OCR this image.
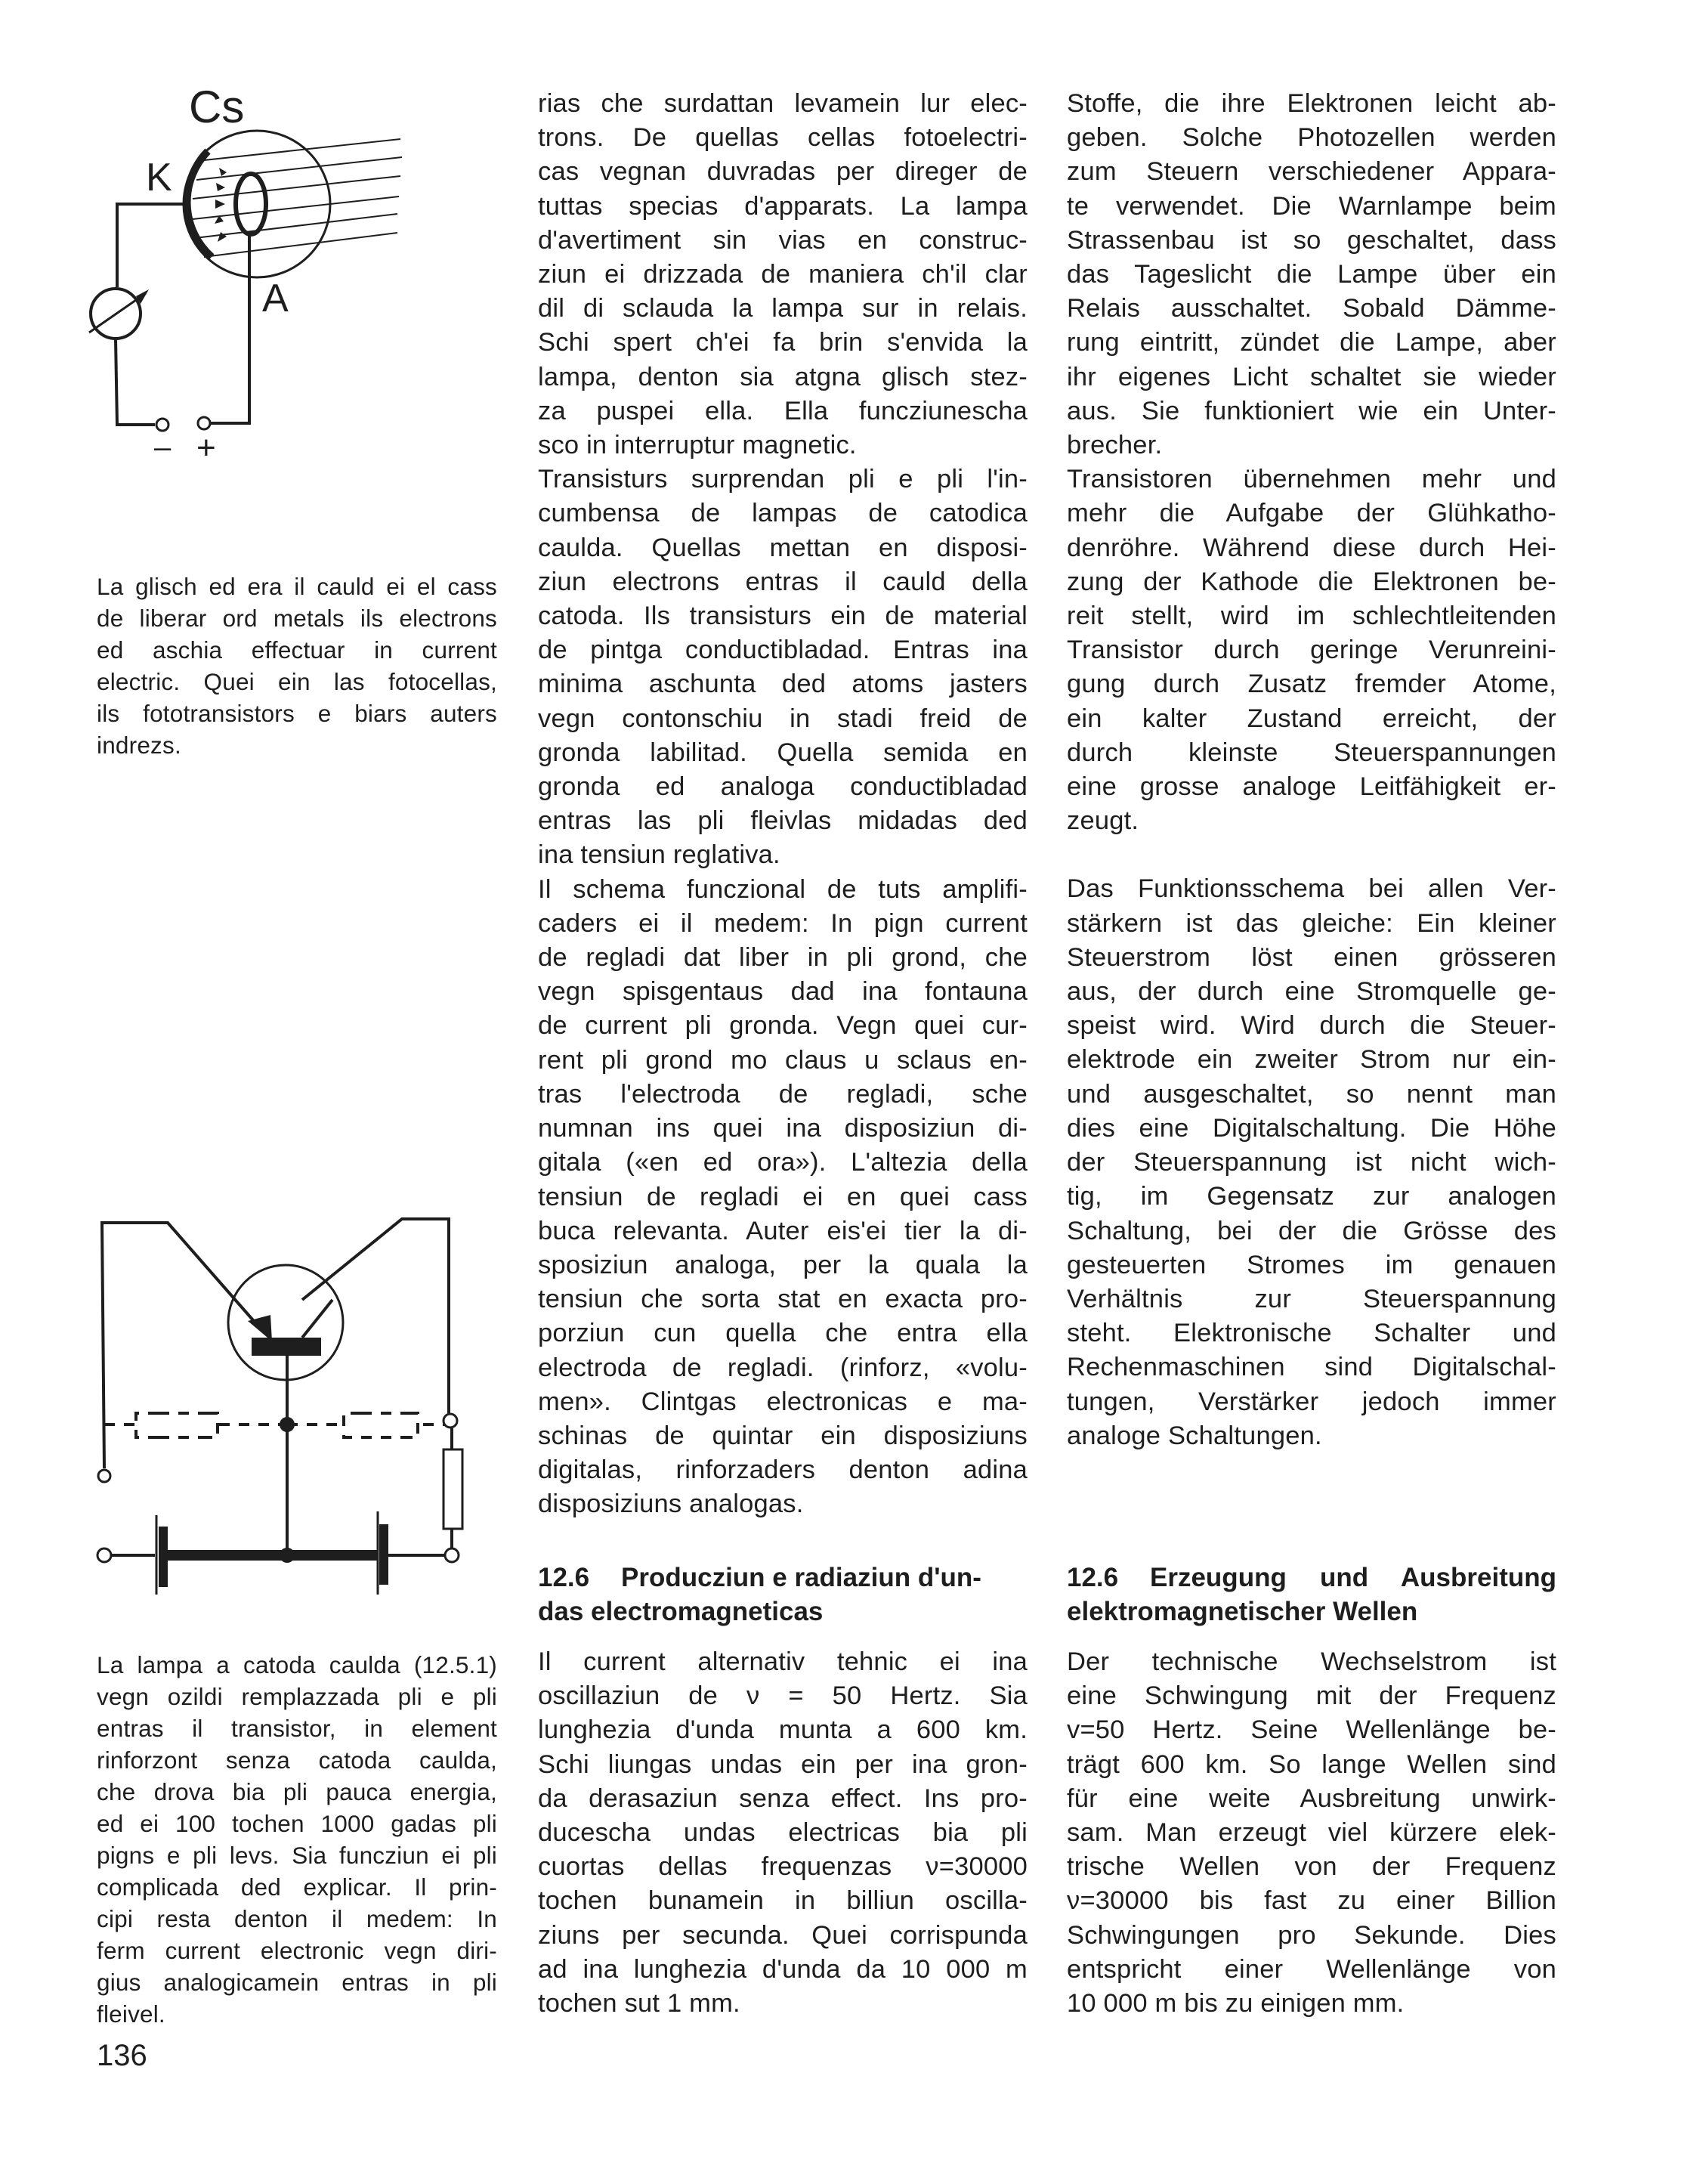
Cs
K
A
– +
La glisch ed era il cauld ei el cass
de liberar ord metals ils electrons
ed aschia effectuar in current
electric. Quei ein las fotocellas,
ils fototransistors e biars auters
indrezs.
La lampa a catoda caulda (12.5.1)
vegn ozildi remplazzada pli e pli
entras il transistor, in element
rinforzont senza catoda caulda,
che drova bia pli pauca energia,
ed ei 100 tochen 1000 gadas pli
pigns e pli levs. Sia funcziun ei pli
complicada ded explicar. Il prin-
cipi resta denton il medem: In
ferm current electronic vegn diri-
gius analogicamein entras in pli
fleivel.
136
rias che surdattan levamein lur elec-
trons. De quellas cellas fotoelectri-
cas vegnan duvradas per direger de
tuttas specias d'apparats. La lampa
d'avertiment sin vias en construc-
ziun ei drizzada de maniera ch'il clar
dil di sclauda la lampa sur in relais.
Schi spert ch'ei fa brin s'envida la
lampa, denton sia atgna glisch stez-
za puspei ella. Ella funcziunescha
sco in interruptur magnetic.
Transisturs surprendan pli e pli l'in-
cumbensa de lampas de catodica
caulda. Quellas mettan en disposi-
ziun electrons entras il cauld della
catoda. Ils transisturs ein de material
de pintga conductibladad. Entras ina
minima aschunta ded atoms jasters
vegn contonschiu in stadi freid de
gronda labilitad. Quella semida en
gronda ed analoga conductibladad
entras las pli fleivlas midadas ded
ina tensiun reglativa.
Il schema funczional de tuts amplifi-
caders ei il medem: In pign current
de regladi dat liber in pli grond, che
vegn spisgentaus dad ina fontauna
de current pli gronda. Vegn quei cur-
rent pli grond mo claus u sclaus en-
tras l'electroda de regladi, sche
numnan ins quei ina disposiziun di-
gitala («en ed ora»). L'altezia della
tensiun de regladi ei en quei cass
buca relevanta. Auter eis'ei tier la di-
sposiziun analoga, per la quala la
tensiun che sorta stat en exacta pro-
porziun cun quella che entra ella
electroda de regladi. (rinforz, «volu-
men». Clintgas electronicas e ma-
schinas de quintar ein disposiziuns
digitalas, rinforzaders denton adina
disposiziuns analogas.

12.6 Producziun e radiaziun d'un-

das electromagneticas

Il current alternativ tehnic ei ina
oscillaziun de ν = 50 Hertz. Sia
lunghezia d'unda munta a 600 km.
Schi liungas undas ein per ina gron-
da derasaziun senza effect. Ins pro-
ducescha undas electricas bia pli
cuortas dellas frequenzas ν=30000
tochen bunamein in billiun oscilla-
ziuns per secunda. Quei corrispunda
ad ina lunghezia d'unda da 10 000 m
tochen sut 1 mm.
Stoffe, die ihre Elektronen leicht ab-
geben. Solche Photozellen werden
zum Steuern verschiedener Appara-
te verwendet. Die Warnlampe beim
Strassenbau ist so geschaltet, dass
das Tageslicht die Lampe über ein
Relais ausschaltet. Sobald Dämme-
rung eintritt, zündet die Lampe, aber
ihr eigenes Licht schaltet sie wieder
aus. Sie funktioniert wie ein Unter-
brecher.
Transistoren übernehmen mehr und
mehr die Aufgabe der Glühkatho-
denröhre. Während diese durch Hei-
zung der Kathode die Elektronen be-
reit stellt, wird im schlechtleitenden
Transistor durch geringe Verunreini-
gung durch Zusatz fremder Atome,
ein kalter Zustand erreicht, der
durch kleinste Steuerspannungen
eine grosse analoge Leitfähigkeit er-
zeugt.
Das Funktionsschema bei allen Ver-
stärkern ist das gleiche: Ein kleiner
Steuerstrom löst einen grösseren
aus, der durch eine Stromquelle ge-
speist wird. Wird durch die Steuer-
elektrode ein zweiter Strom nur ein-
und ausgeschaltet, so nennt man
dies eine Digitalschaltung. Die Höhe
der Steuerspannung ist nicht wich-
tig, im Gegensatz zur analogen
Schaltung, bei der die Grösse des
gesteuerten Stromes im genauen
Verhältnis zur Steuerspannung
steht. Elektronische Schalter und
Rechenmaschinen sind Digitalschal-
tungen, Verstärker jedoch immer
analoge Schaltungen.

12.6 Erzeugung und Ausbreitung

elektromagnetischer Wellen

Der technische Wechselstrom ist
eine Schwingung mit der Frequenz
v=50 Hertz. Seine Wellenlänge be-
trägt 600 km. So lange Wellen sind
für eine weite Ausbreitung unwirk-
sam. Man erzeugt viel kürzere elek-
trische Wellen von der Frequenz
ν=30000 bis fast zu einer Billion
Schwingungen pro Sekunde. Dies
entspricht einer Wellenlänge von
10 000 m bis zu einigen mm.
